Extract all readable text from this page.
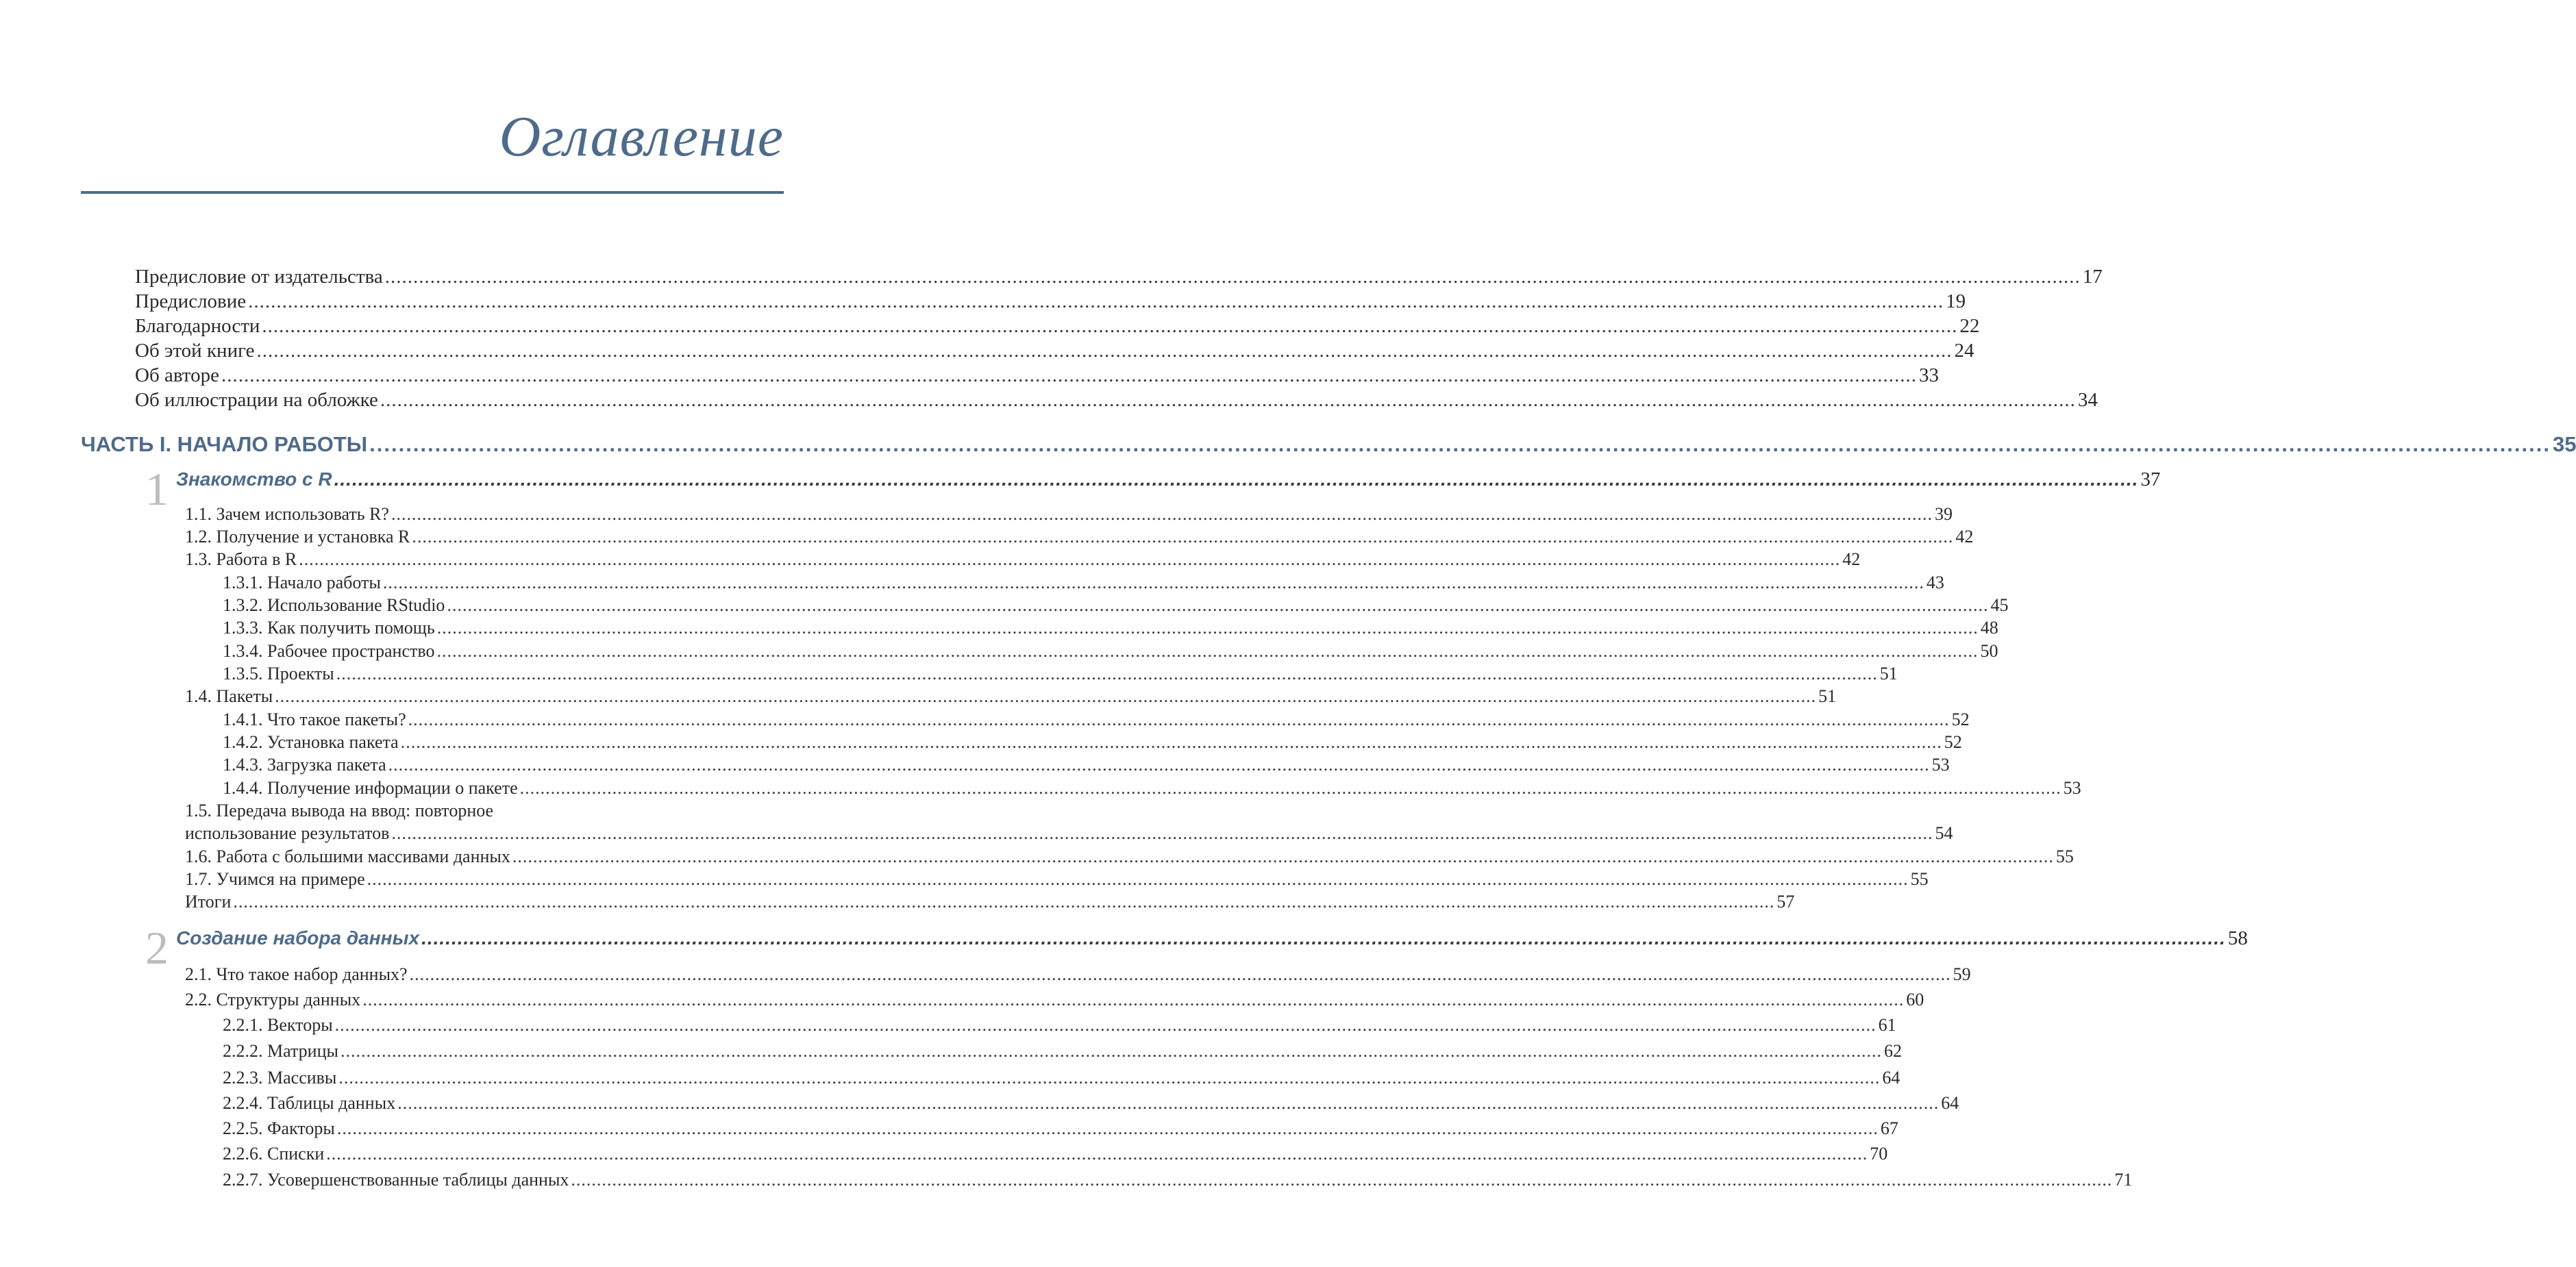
Оглавление
Предисловие от издательства ............................................................................................................................................................................................................................................................................................................ 17
Предисловие ............................................................................................................................................................................................................................................................................................................ 19
Благодарности ............................................................................................................................................................................................................................................................................................................ 22
Об этой книге ............................................................................................................................................................................................................................................................................................................ 24
Об авторе ............................................................................................................................................................................................................................................................................................................ 33
Об иллюстрации на обложке ............................................................................................................................................................................................................................................................................................................ 34
ЧАСТЬ I. НАЧАЛО РАБОТЫ ............................................................................................................................................................................................................................................................................................................ 35
1 Знакомство с R ............................................................................................................................................................................................................................................................................................................ 37
1.1. Зачем использовать R? ............................................................................................................................................................................................................................................................................................................ 39
1.2. Получение и установка R ............................................................................................................................................................................................................................................................................................................ 42
1.3. Работа в R ............................................................................................................................................................................................................................................................................................................ 42
1.3.1. Начало работы ............................................................................................................................................................................................................................................................................................................ 43
1.3.2. Использование RStudio ............................................................................................................................................................................................................................................................................................................ 45
1.3.3. Как получить помощь ............................................................................................................................................................................................................................................................................................................ 48
1.3.4. Рабочее пространство ............................................................................................................................................................................................................................................................................................................ 50
1.3.5. Проекты ............................................................................................................................................................................................................................................................................................................ 51
1.4. Пакеты ............................................................................................................................................................................................................................................................................................................ 51
1.4.1. Что такое пакеты? ............................................................................................................................................................................................................................................................................................................ 52
1.4.2. Установка пакета ............................................................................................................................................................................................................................................................................................................ 52
1.4.3. Загрузка пакета ............................................................................................................................................................................................................................................................................................................ 53
1.4.4. Получение информации о пакете ............................................................................................................................................................................................................................................................................................................ 53
1.5. Передача вывода на ввод: повторное
использование результатов ............................................................................................................................................................................................................................................................................................................ 54
1.6. Работа с большими массивами данных ............................................................................................................................................................................................................................................................................................................ 55
1.7. Учимся на примере ............................................................................................................................................................................................................................................................................................................ 55
Итоги ............................................................................................................................................................................................................................................................................................................ 57
2 Создание набора данных ............................................................................................................................................................................................................................................................................................................ 58
2.1. Что такое набор данных? ............................................................................................................................................................................................................................................................................................................ 59
2.2. Структуры данных ............................................................................................................................................................................................................................................................................................................ 60
2.2.1. Векторы ............................................................................................................................................................................................................................................................................................................ 61
2.2.2. Матрицы ............................................................................................................................................................................................................................................................................................................ 62
2.2.3. Массивы ............................................................................................................................................................................................................................................................................................................ 64
2.2.4. Таблицы данных ............................................................................................................................................................................................................................................................................................................ 64
2.2.5. Факторы ............................................................................................................................................................................................................................................................................................................ 67
2.2.6. Списки ............................................................................................................................................................................................................................................................................................................ 70
2.2.7. Усовершенствованные таблицы данных ............................................................................................................................................................................................................................................................................................................ 71
